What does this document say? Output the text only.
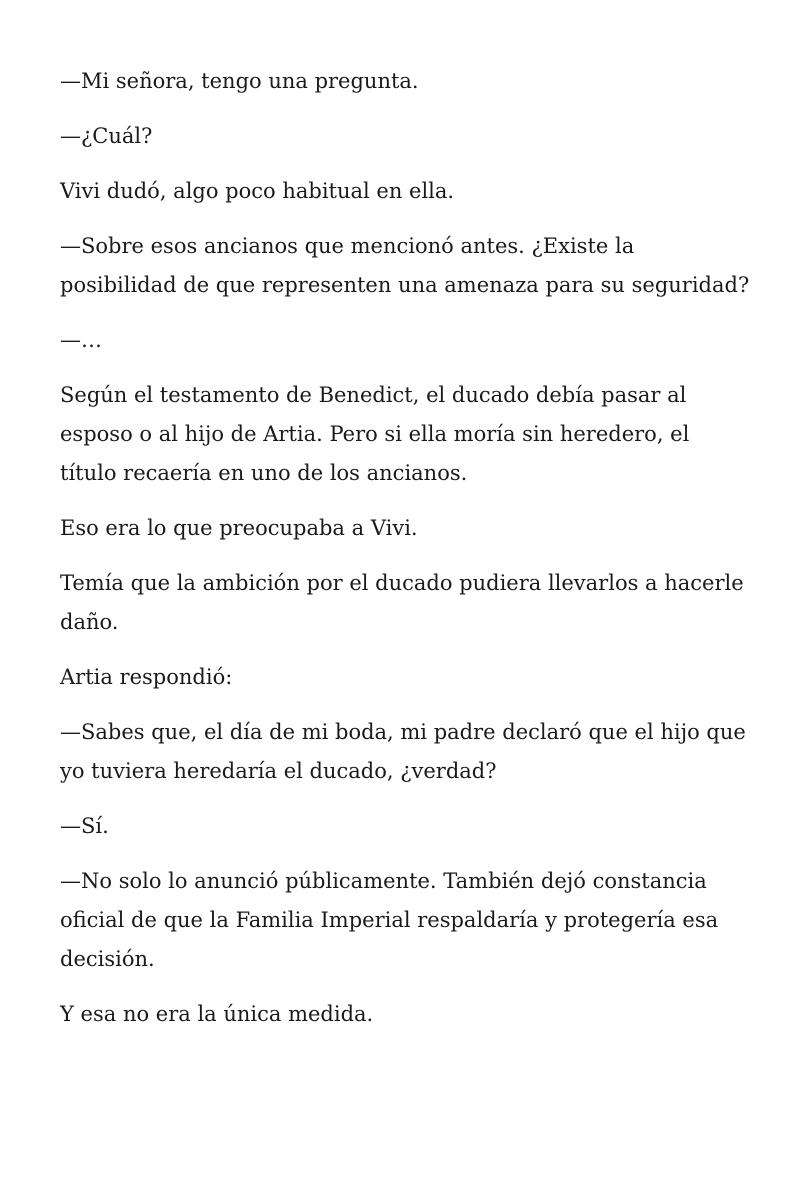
—Mi señora, tengo una pregunta.

—¿Cuál?

Vivi dudó, algo poco habitual en ella.

—Sobre esos ancianos que mencionó antes. ¿Existe la posibilidad de que representen una amenaza para su seguridad?

—…

Según el testamento de Benedict, el ducado debía pasar al esposo o al hijo de Artia. Pero si ella moría sin heredero, el título recaería en uno de los ancianos.

Eso era lo que preocupaba a Vivi.

Temía que la ambición por el ducado pudiera llevarlos a hacerle daño.

Artia respondió:

—Sabes que, el día de mi boda, mi padre declaró que el hijo que yo tuviera heredaría el ducado, ¿verdad?

—Sí.

—No solo lo anunció públicamente. También dejó constancia oficial de que la Familia Imperial respaldaría y protegería esa decisión.

Y esa no era la única medida.
